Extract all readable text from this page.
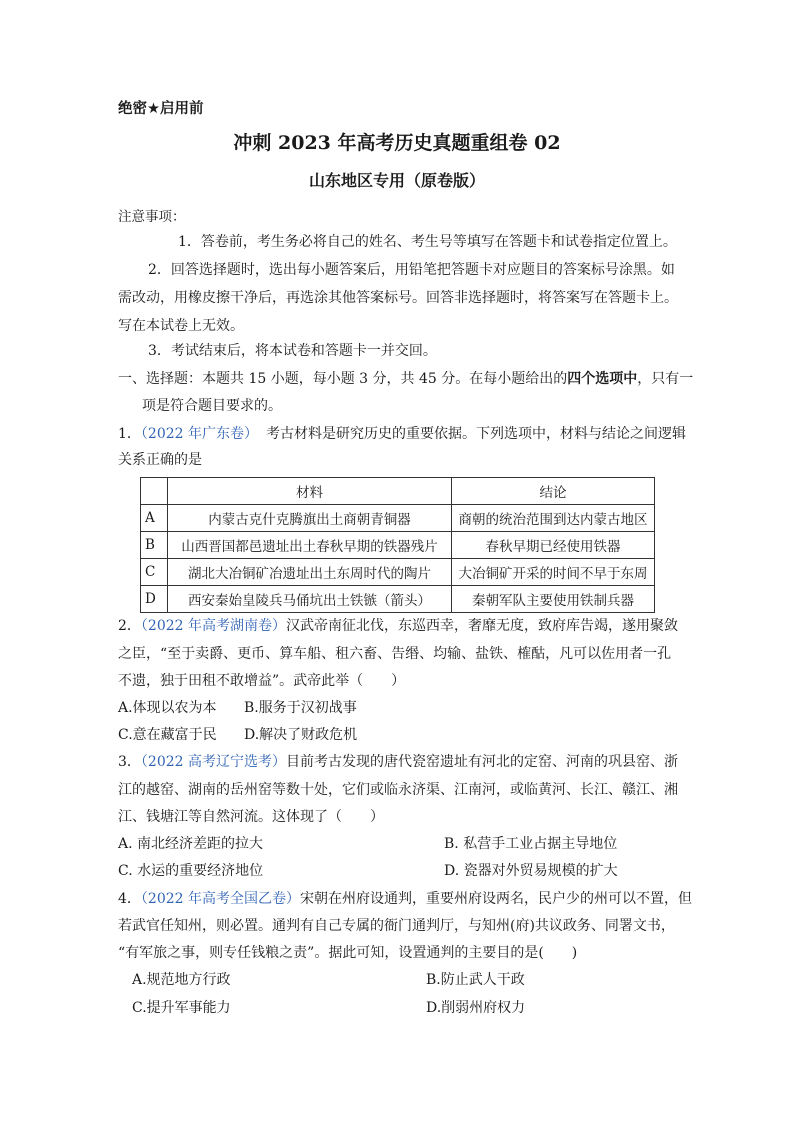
绝密★启用前
冲刺 2023 年高考历史真题重组卷 02
山东地区专用（原卷版）
注意事项：
1．答卷前，考生务必将自己的姓名、考生号等填写在答题卡和试卷指定位置上。
2．回答选择题时，选出每小题答案后，用铅笔把答题卡对应题目的答案标号涂黑。如
需改动，用橡皮擦干净后，再选涂其他答案标号。回答非选择题时，将答案写在答题卡上。
写在本试卷上无效。
3．考试结束后，将本试卷和答题卡一并交回。
一、选择题：本题共 15 小题，每小题 3 分，共 45 分。在每小题给出的四个选项中，只有一
项是符合题目要求的。
1．（2022 年广东卷） 考古材料是研究历史的重要依据。下列选项中，材料与结论之间逻辑
关系正确的是
	材料	结论
A	内蒙古克什克腾旗出土商朝青铜器	商朝的统治范围到达内蒙古地区
B	山西晋国都邑遗址出土春秋早期的铁器残片	春秋早期已经使用铁器
C	湖北大冶铜矿冶遗址出土东周时代的陶片	大冶铜矿开采的时间不早于东周
D	西安秦始皇陵兵马俑坑出土铁镞（箭头）	秦朝军队主要使用铁制兵器
2．（2022 年高考湖南卷）汉武帝南征北伐，东巡西幸，奢靡无度，致府库告竭，遂用聚敛
之臣，“至于卖爵、更币、算车船、租六畜、告缗、均输、盐铁、榷酤，凡可以佐用者一孔
不遗，独于田租不敢增益”。武帝此举（　　）
A.体现以农为本 B.服务于汉初战事
C.意在藏富于民 D.解决了财政危机
3．（2022 高考辽宁选考）目前考古发现的唐代瓷窑遗址有河北的定窑、河南的巩县窑、浙
江的越窑、湖南的岳州窑等数十处，它们或临永济渠、江南河，或临黄河、长江、赣江、湘
江、钱塘江等自然河流。这体现了（　　）
A. 南北经济差距的拉大	B. 私营手工业占据主导地位
C. 水运的重要经济地位	D. 瓷器对外贸易规模的扩大
4．（2022 年高考全国乙卷）宋朝在州府设通判，重要州府设两名，民户少的州可以不置，但
若武官任知州，则必置。通判有自己专属的衙门通判厅，与知州(府)共议政务、同署文书，
“有军旅之事，则专任钱粮之责”。据此可知，设置通判的主要目的是(　　)
A.规范地方行政	B.防止武人干政
C.提升军事能力	D.削弱州府权力
